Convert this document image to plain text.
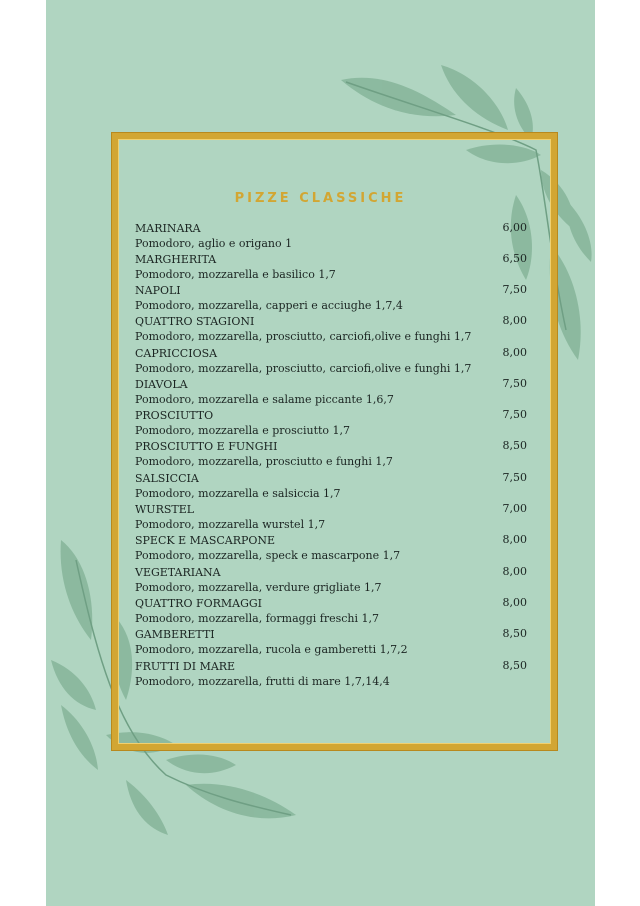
PIZZE CLASSICHE
MARINARA
Pomodoro, aglio e origano 1
6,00
MARGHERITA
Pomodoro, mozzarella e basilico 1,7
6,50
NAPOLI
Pomodoro, mozzarella, capperi e acciughe 1,7,4
7,50
QUATTRO STAGIONI
Pomodoro, mozzarella, prosciutto, carciofi,olive e funghi 1,7
8,00
CAPRICCIOSA
Pomodoro, mozzarella, prosciutto, carciofi,olive e funghi 1,7
8,00
DIAVOLA
Pomodoro, mozzarella e salame piccante 1,6,7
7,50
PROSCIUTTO
Pomodoro, mozzarella e prosciutto 1,7
7,50
PROSCIUTTO E FUNGHI
Pomodoro, mozzarella, prosciutto e funghi 1,7
8,50
SALSICCIA
Pomodoro, mozzarella e salsiccia 1,7
7,50
WURSTEL
Pomodoro, mozzarella wurstel 1,7
7,00
SPECK E MASCARPONE
Pomodoro, mozzarella, speck e mascarpone 1,7
8,00
VEGETARIANA
Pomodoro, mozzarella, verdure grigliate 1,7
8,00
QUATTRO FORMAGGI
Pomodoro, mozzarella, formaggi freschi 1,7
8,00
GAMBERETTI
Pomodoro, mozzarella, rucola e gamberetti 1,7,2
8,50
FRUTTI DI MARE
Pomodoro, mozzarella, frutti di mare 1,7,14,4
8,50
